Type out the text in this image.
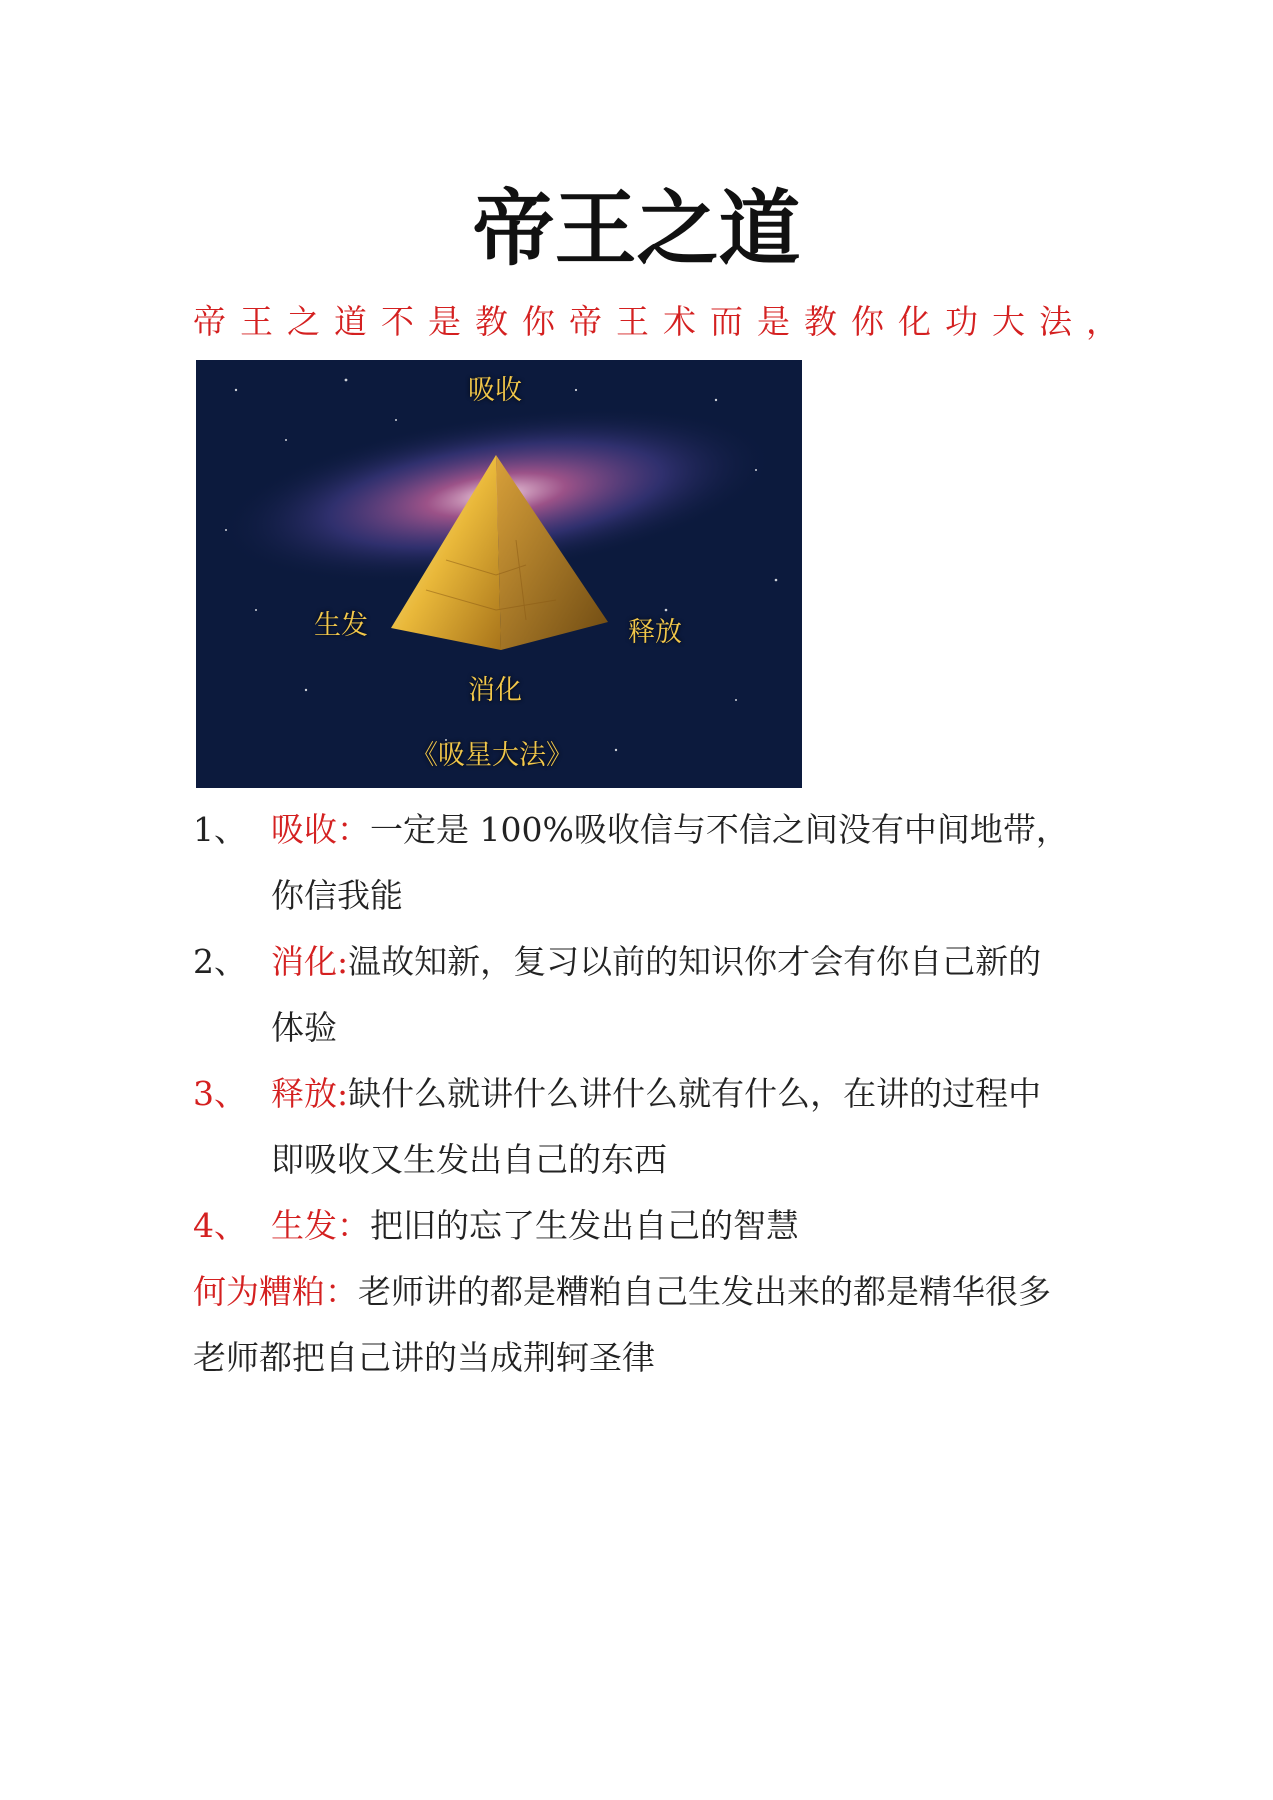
帝王之道
帝王之道不是教你帝王术而是教你化功大法，
吸收
生发	释放
消化
《吸星大法》
1、 吸收：一定是 100%吸收信与不信之间没有中间地带，
你信我能
2、 消化:温故知新，复习以前的知识你才会有你自己新的
体验
3、 释放:缺什么就讲什么讲什么就有什么，在讲的过程中
即吸收又生发出自己的东西
4、 生发：把旧的忘了生发出自己的智慧
何为糟粕：老师讲的都是糟粕自己生发出来的都是精华很多
老师都把自己讲的当成荆轲圣律
